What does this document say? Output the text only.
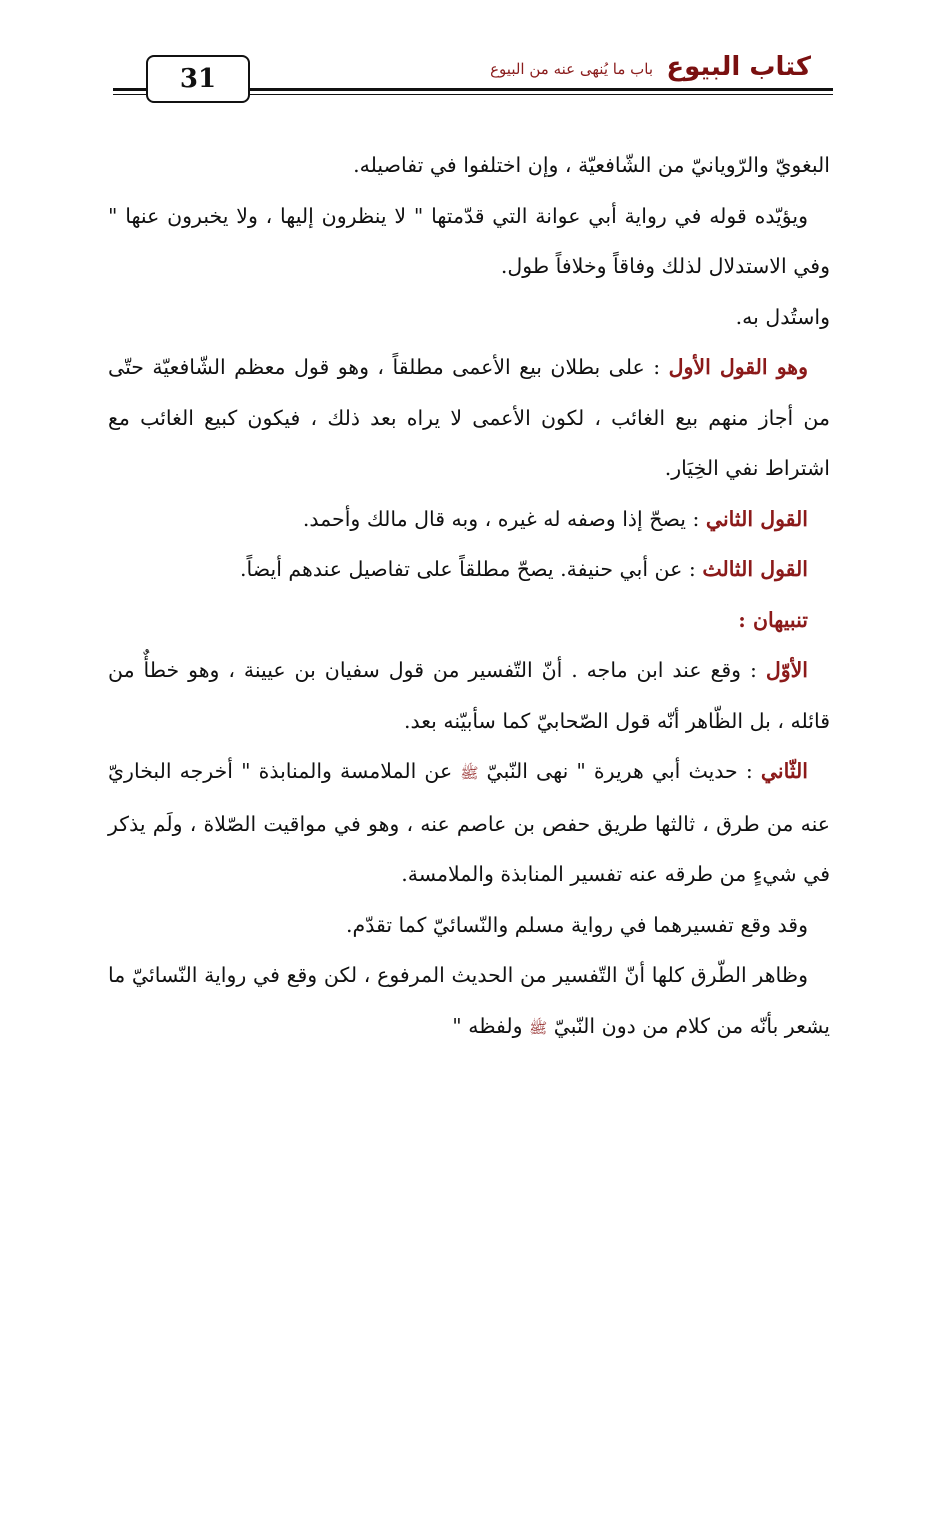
31	كتاب البيوع
باب ما يُنهى عنه من البيوع

البغويّ والرّويانيّ من الشّافعيّة ، وإن اختلفوا في تفاصيله.

ويؤيّده قوله في رواية أبي عوانة التي قدّمتها " لا ينظرون إليها ، ولا يخبرون عنها " وفي الاستدلال لذلك وفاقاً وخلافاً طول.

واستُدل به.

وهو القول الأول : على بطلان بيع الأعمى مطلقاً ، وهو قول معظم الشّافعيّة حتّى من أجاز منهم بيع الغائب ، لكون الأعمى لا يراه بعد ذلك ، فيكون كبيع الغائب مع اشتراط نفي الخِيَار.

القول الثاني : يصحّ إذا وصفه له غيره ، وبه قال مالك وأحمد.

القول الثالث : عن أبي حنيفة. يصحّ مطلقاً على تفاصيل عندهم أيضاً.

تنبيهان :

الأوّل : وقع عند ابن ماجه . أنّ التّفسير من قول سفيان بن عيينة ، وهو خطأٌ من قائله ، بل الظّاهر أنّه قول الصّحابيّ كما سأبيّنه بعد.

الثّاني : حديث أبي هريرة " نهى النّبيّ ﷺ عن الملامسة والمنابذة " أخرجه البخاريّ عنه من طرق ، ثالثها طريق حفص بن عاصم عنه ، وهو في مواقيت الصّلاة ، ولَم يذكر في شيءٍ من طرقه عنه تفسير المنابذة والملامسة.

وقد وقع تفسيرهما في رواية مسلم والنّسائيّ كما تقدّم.

وظاهر الطّرق كلها أنّ التّفسير من الحديث المرفوع ، لكن وقع في رواية النّسائيّ ما يشعر بأنّه من كلام من دون النّبيّ ﷺ ولفظه "
